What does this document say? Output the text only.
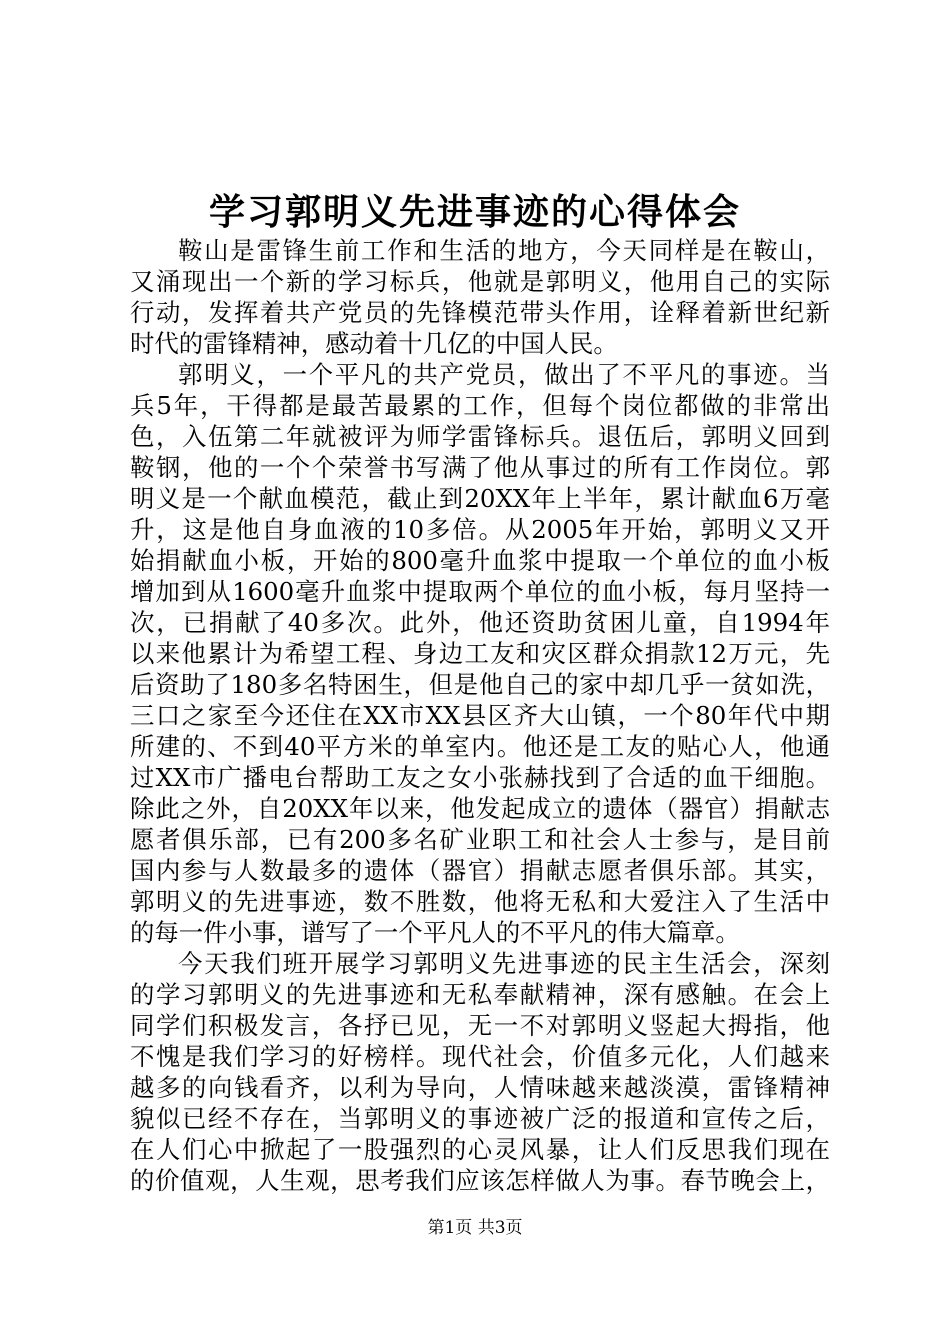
学习郭明义先进事迹的心得体会
鞍山是雷锋生前工作和生活的地方，今天同样是在鞍山，
又涌现出一个新的学习标兵，他就是郭明义，他用自己的实际
行动，发挥着共产党员的先锋模范带头作用，诠释着新世纪新
时代的雷锋精神，感动着十几亿的中国人民。
郭明义，一个平凡的共产党员，做出了不平凡的事迹。当
兵5年，干得都是最苦最累的工作，但每个岗位都做的非常出
色，入伍第二年就被评为师学雷锋标兵。退伍后，郭明义回到
鞍钢，他的一个个荣誉书写满了他从事过的所有工作岗位。郭
明义是一个献血模范，截止到20XX年上半年，累计献血6万毫
升，这是他自身血液的10多倍。从2005年开始，郭明义又开
始捐献血小板，开始的800毫升血浆中提取一个单位的血小板
增加到从1600毫升血浆中提取两个单位的血小板，每月坚持一
次，已捐献了40多次。此外，他还资助贫困儿童，自1994年
以来他累计为希望工程、身边工友和灾区群众捐款12万元，先
后资助了180多名特困生，但是他自己的家中却几乎一贫如洗，
三口之家至今还住在XX市XX县区齐大山镇，一个80年代中期
所建的、不到40平方米的单室内。他还是工友的贴心人，他通
过XX市广播电台帮助工友之女小张赫找到了合适的血干细胞。
除此之外，自20XX年以来，他发起成立的遗体（器官）捐献志
愿者俱乐部，已有200多名矿业职工和社会人士参与，是目前
国内参与人数最多的遗体（器官）捐献志愿者俱乐部。其实，
郭明义的先进事迹，数不胜数，他将无私和大爱注入了生活中
的每一件小事，谱写了一个平凡人的不平凡的伟大篇章。
今天我们班开展学习郭明义先进事迹的民主生活会，深刻
的学习郭明义的先进事迹和无私奉献精神，深有感触。在会上
同学们积极发言，各抒已见，无一不对郭明义竖起大拇指，他
不愧是我们学习的好榜样。现代社会，价值多元化，人们越来
越多的向钱看齐，以利为导向，人情味越来越淡漠，雷锋精神
貌似已经不存在，当郭明义的事迹被广泛的报道和宣传之后，
在人们心中掀起了一股强烈的心灵风暴，让人们反思我们现在
的价值观，人生观，思考我们应该怎样做人为事。春节晚会上，
第1页 共3页
